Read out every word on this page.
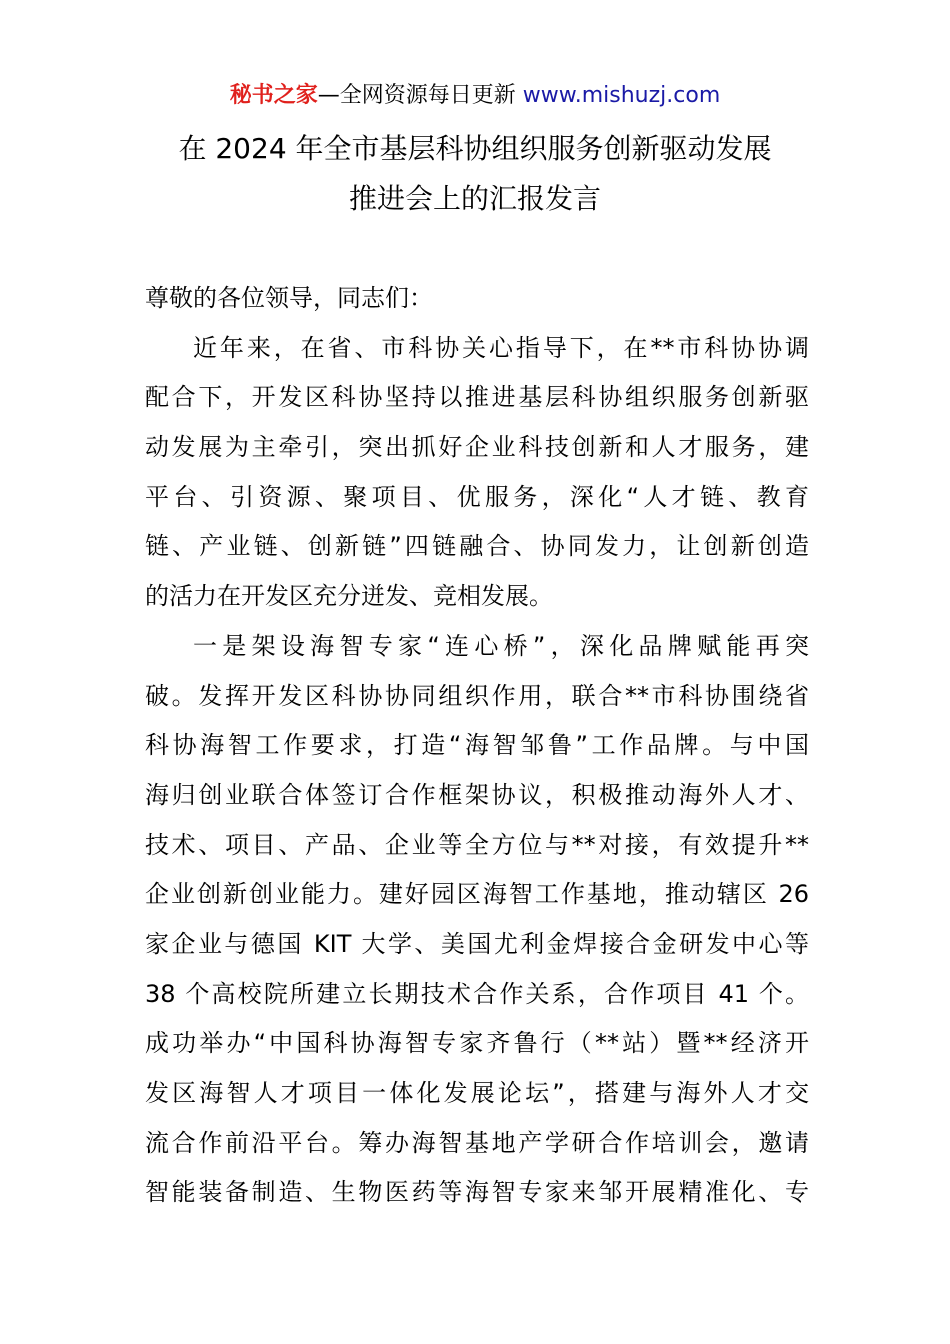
秘书之家—全网资源每日更新 www.mishuzj.com
在 2024 年全市基层科协组织服务创新驱动发展
推进会上的汇报发言
尊敬的各位领导，同志们：
近年来，在省、市科协关心指导下，在**市科协协调
配合下，开发区科协坚持以推进基层科协组织服务创新驱
动发展为主牵引，突出抓好企业科技创新和人才服务，建
平台、引资源、聚项目、优服务，深化“人才链、教育
链、产业链、创新链”四链融合、协同发力，让创新创造
的活力在开发区充分迸发、竞相发展。
一是架设海智专家“连心桥”，深化品牌赋能再突
破。发挥开发区科协协同组织作用，联合**市科协围绕省
科协海智工作要求，打造“海智邹鲁”工作品牌。与中国
海归创业联合体签订合作框架协议，积极推动海外人才、
技术、项目、产品、企业等全方位与**对接，有效提升**
企业创新创业能力。建好园区海智工作基地，推动辖区 26
家企业与德国 KIT 大学、美国尤利金焊接合金研发中心等
38 个高校院所建立长期技术合作关系，合作项目 41 个。
成功举办“中国科协海智专家齐鲁行（**站）暨**经济开
发区海智人才项目一体化发展论坛”，搭建与海外人才交
流合作前沿平台。筹办海智基地产学研合作培训会，邀请
智能装备制造、生物医药等海智专家来邹开展精准化、专
